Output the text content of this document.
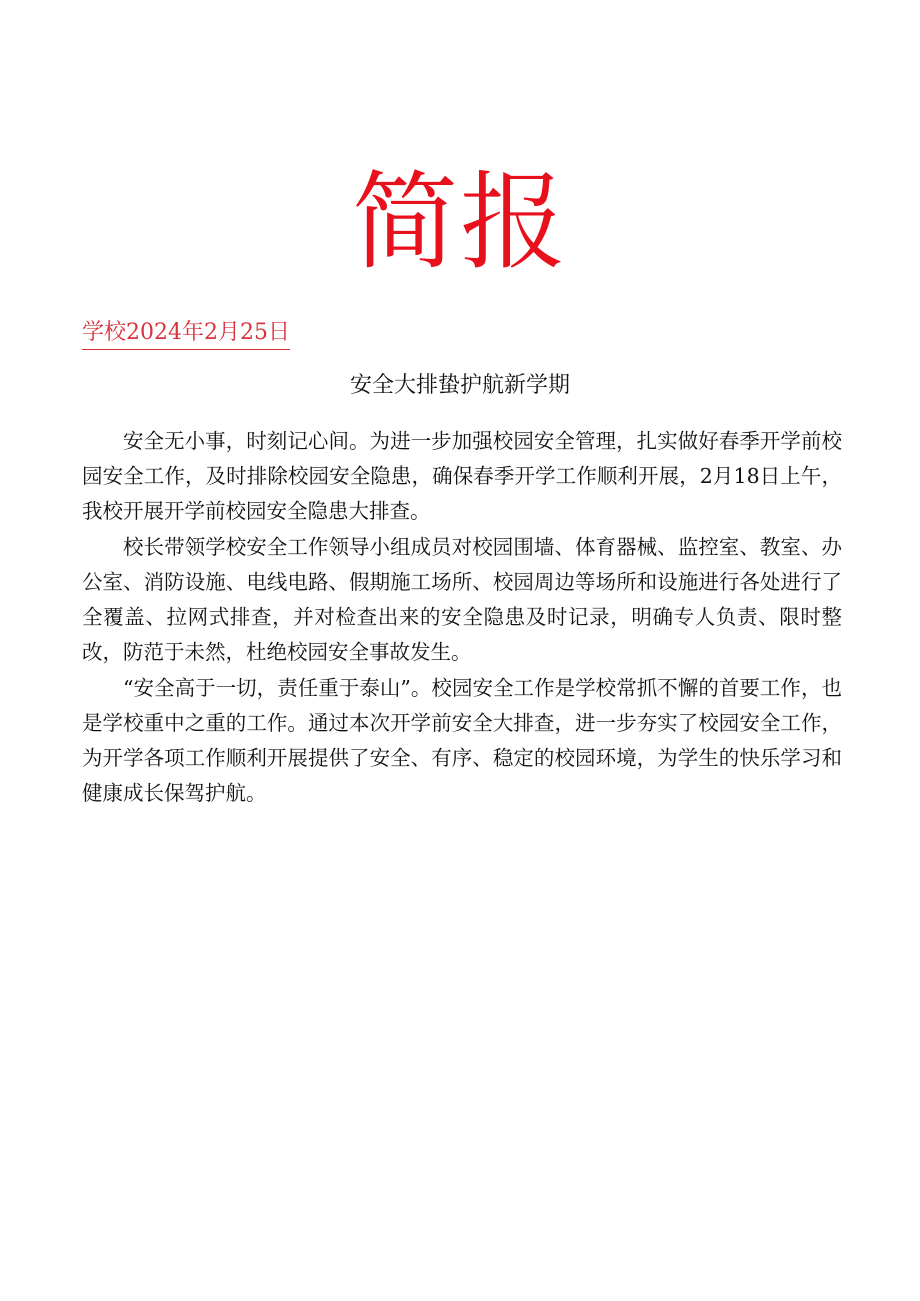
简报
学校2024年2月25日
安全大排蛰护航新学期

安全无小事，时刻记心间。为进一步加强校园安全管理，扎实做好春季开学前校园安全工作，及时排除校园安全隐患，确保春季开学工作顺利开展，2月18日上午，我校开展开学前校园安全隐患大排查。

校长带领学校安全工作领导小组成员对校园围墙、体育器械、监控室、教室、办公室、消防设施、电线电路、假期施工场所、校园周边等场所和设施进行各处进行了全覆盖、拉网式排查，并对检查出来的安全隐患及时记录，明确专人负责、限时整改，防范于未然，杜绝校园安全事故发生。

“安全高于一切，责任重于泰山”。校园安全工作是学校常抓不懈的首要工作，也是学校重中之重的工作。通过本次开学前安全大排查，进一步夯实了校园安全工作，为开学各项工作顺利开展提供了安全、有序、稳定的校园环境，为学生的快乐学习和健康成长保驾护航。
